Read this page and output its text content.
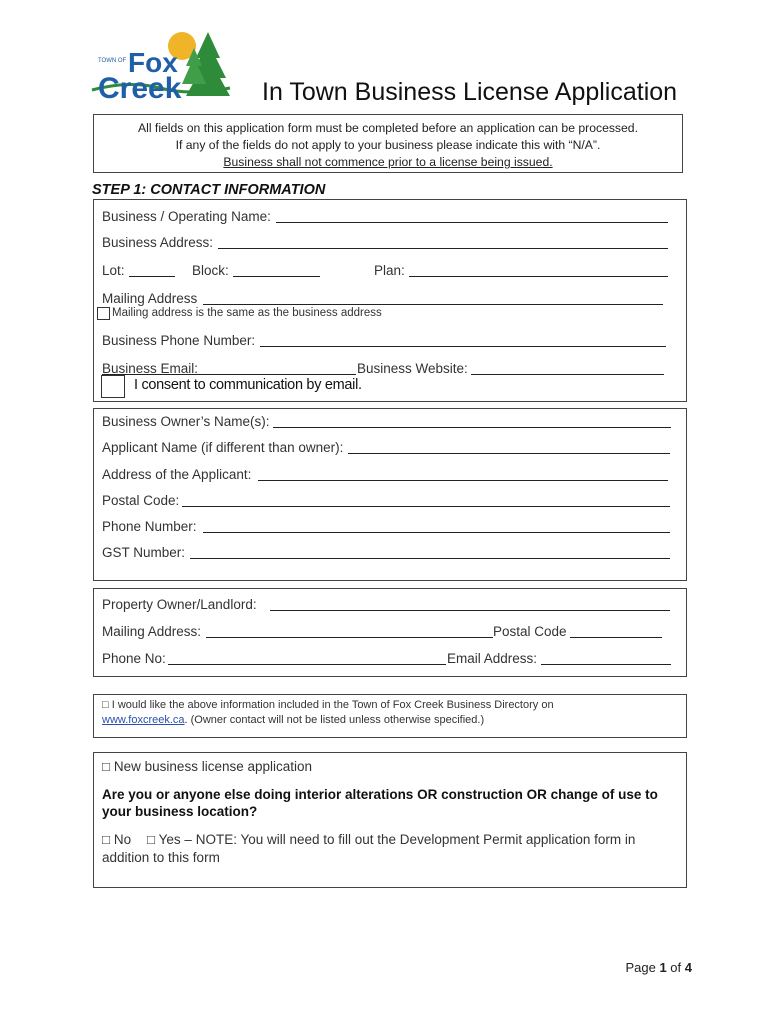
TOWN OF Fox
Creek	In Town Business License Application
All fields on this application form must be completed before an application can be processed.
If any of the fields do not apply to your business please indicate this with “N/A”.
Business shall not commence prior to a license being issued.
STEP 1: CONTACT INFORMATION
Business / Operating Name:
Business Address:
Lot:	Block:	Plan:
Mailing Address
Mailing address is the same as the business address
Business Phone Number:
Business Email:	Business Website:
I consent to communication by email.
Business Owner’s Name(s):
Applicant Name (if different than owner):
Address of the Applicant:
Postal Code:
Phone Number:
GST Number:
Property Owner/Landlord:
Mailing Address:	Postal Code
Phone No:	Email Address:
□ I would like the above information included in the Town of Fox Creek Business Directory on
www.foxcreek.ca. (Owner contact will not be listed unless otherwise specified.)
□ New business license application
Are you or anyone else doing interior alterations OR construction OR change of use to
your business location?
□ No □ Yes – NOTE: You will need to fill out the Development Permit application form in
addition to this form
Page 1 of 4
